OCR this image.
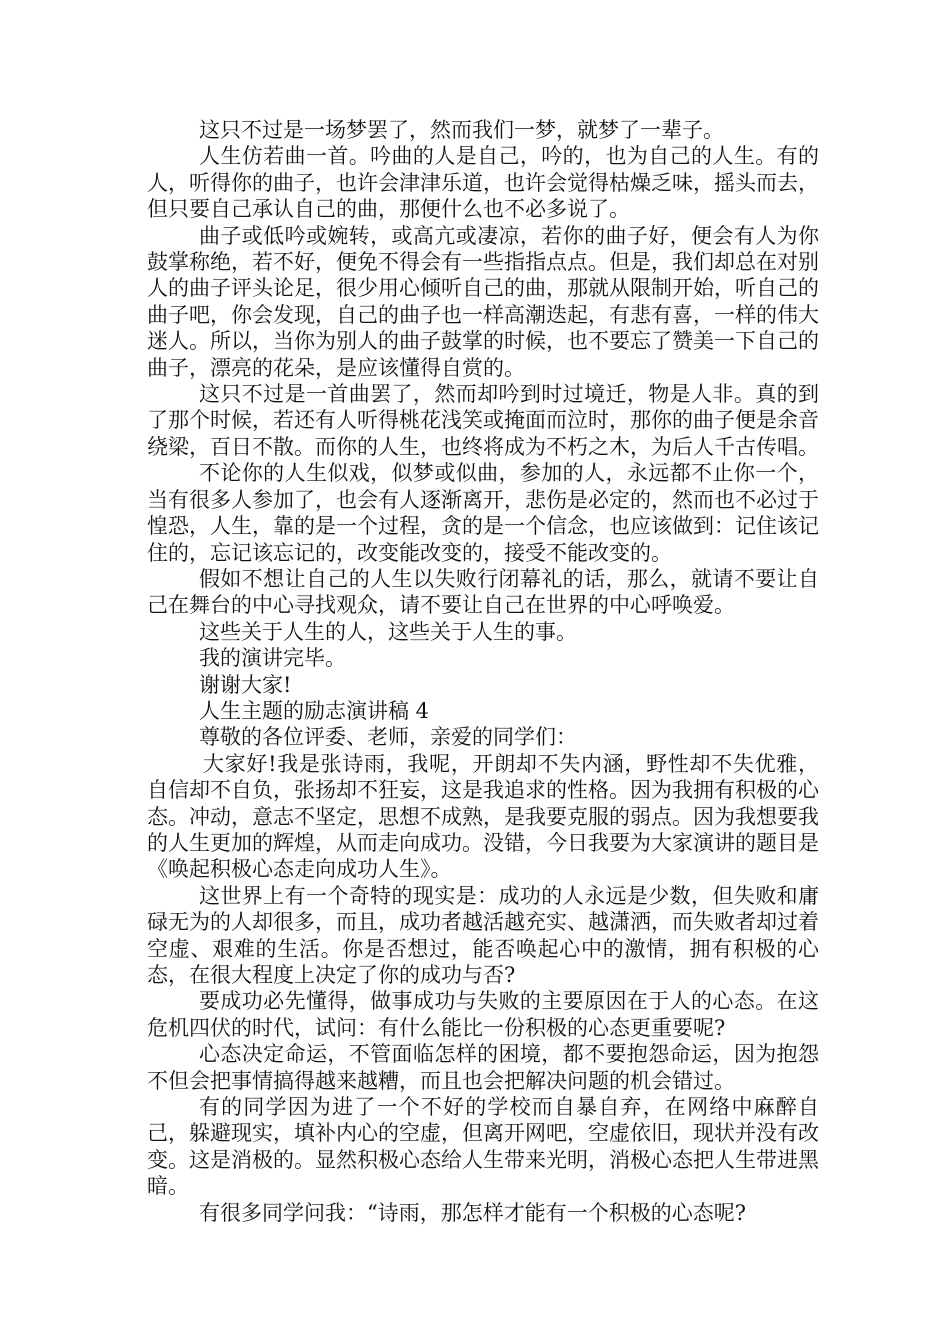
这只不过是一场梦罢了，然而我们一梦，就梦了一辈子。

人生仿若曲一首。吟曲的人是自己，吟的，也为自己的人生。有的人，听得你的曲子，也许会津津乐道，也许会觉得枯燥乏味，摇头而去，但只要自己承认自己的曲，那便什么也不必多说了。

曲子或低吟或婉转，或高亢或凄凉，若你的曲子好，便会有人为你鼓掌称绝，若不好，便免不得会有一些指指点点。但是，我们却总在对别人的曲子评头论足，很少用心倾听自己的曲，那就从限制开始，听自己的曲子吧，你会发现，自己的曲子也一样高潮迭起，有悲有喜，一样的伟大迷人。所以，当你为别人的曲子鼓掌的时候，也不要忘了赞美一下自己的曲子，漂亮的花朵，是应该懂得自赏的。

这只不过是一首曲罢了，然而却吟到时过境迁，物是人非。真的到了那个时候，若还有人听得桃花浅笑或掩面而泣时，那你的曲子便是余音绕梁，百日不散。而你的人生，也终将成为不朽之木，为后人千古传唱。

不论你的人生似戏，似梦或似曲，参加的人，永远都不止你一个，当有很多人参加了，也会有人逐渐离开，悲伤是必定的，然而也不必过于惶恐，人生，靠的是一个过程，贪的是一个信念，也应该做到：记住该记住的，忘记该忘记的，改变能改变的，接受不能改变的。

假如不想让自己的人生以失败行闭幕礼的话，那么，就请不要让自己在舞台的中心寻找观众，请不要让自己在世界的中心呼唤爱。

这些关于人生的人，这些关于人生的事。

我的演讲完毕。

谢谢大家!

人生主题的励志演讲稿 4

尊敬的各位评委、老师，亲爱的同学们：

大家好!我是张诗雨，我呢，开朗却不失内涵，野性却不失优雅，自信却不自负，张扬却不狂妄，这是我追求的性格。因为我拥有积极的心态。冲动，意志不坚定，思想不成熟，是我要克服的弱点。因为我想要我的人生更加的辉煌，从而走向成功。没错，今日我要为大家演讲的题目是《唤起积极心态走向成功人生》。

这世界上有一个奇特的现实是：成功的人永远是少数，但失败和庸碌无为的人却很多，而且，成功者越活越充实、越潇洒，而失败者却过着空虚、艰难的生活。你是否想过，能否唤起心中的激情，拥有积极的心态，在很大程度上决定了你的成功与否?

要成功必先懂得，做事成功与失败的主要原因在于人的心态。在这危机四伏的时代，试问：有什么能比一份积极的心态更重要呢?

心态决定命运，不管面临怎样的困境，都不要抱怨命运，因为抱怨不但会把事情搞得越来越糟，而且也会把解决问题的机会错过。

有的同学因为进了一个不好的学校而自暴自弃，在网络中麻醉自己，躲避现实，填补内心的空虚，但离开网吧，空虚依旧，现状并没有改变。这是消极的。显然积极心态给人生带来光明，消极心态把人生带进黑暗。

有很多同学问我：“诗雨，那怎样才能有一个积极的心态呢?
